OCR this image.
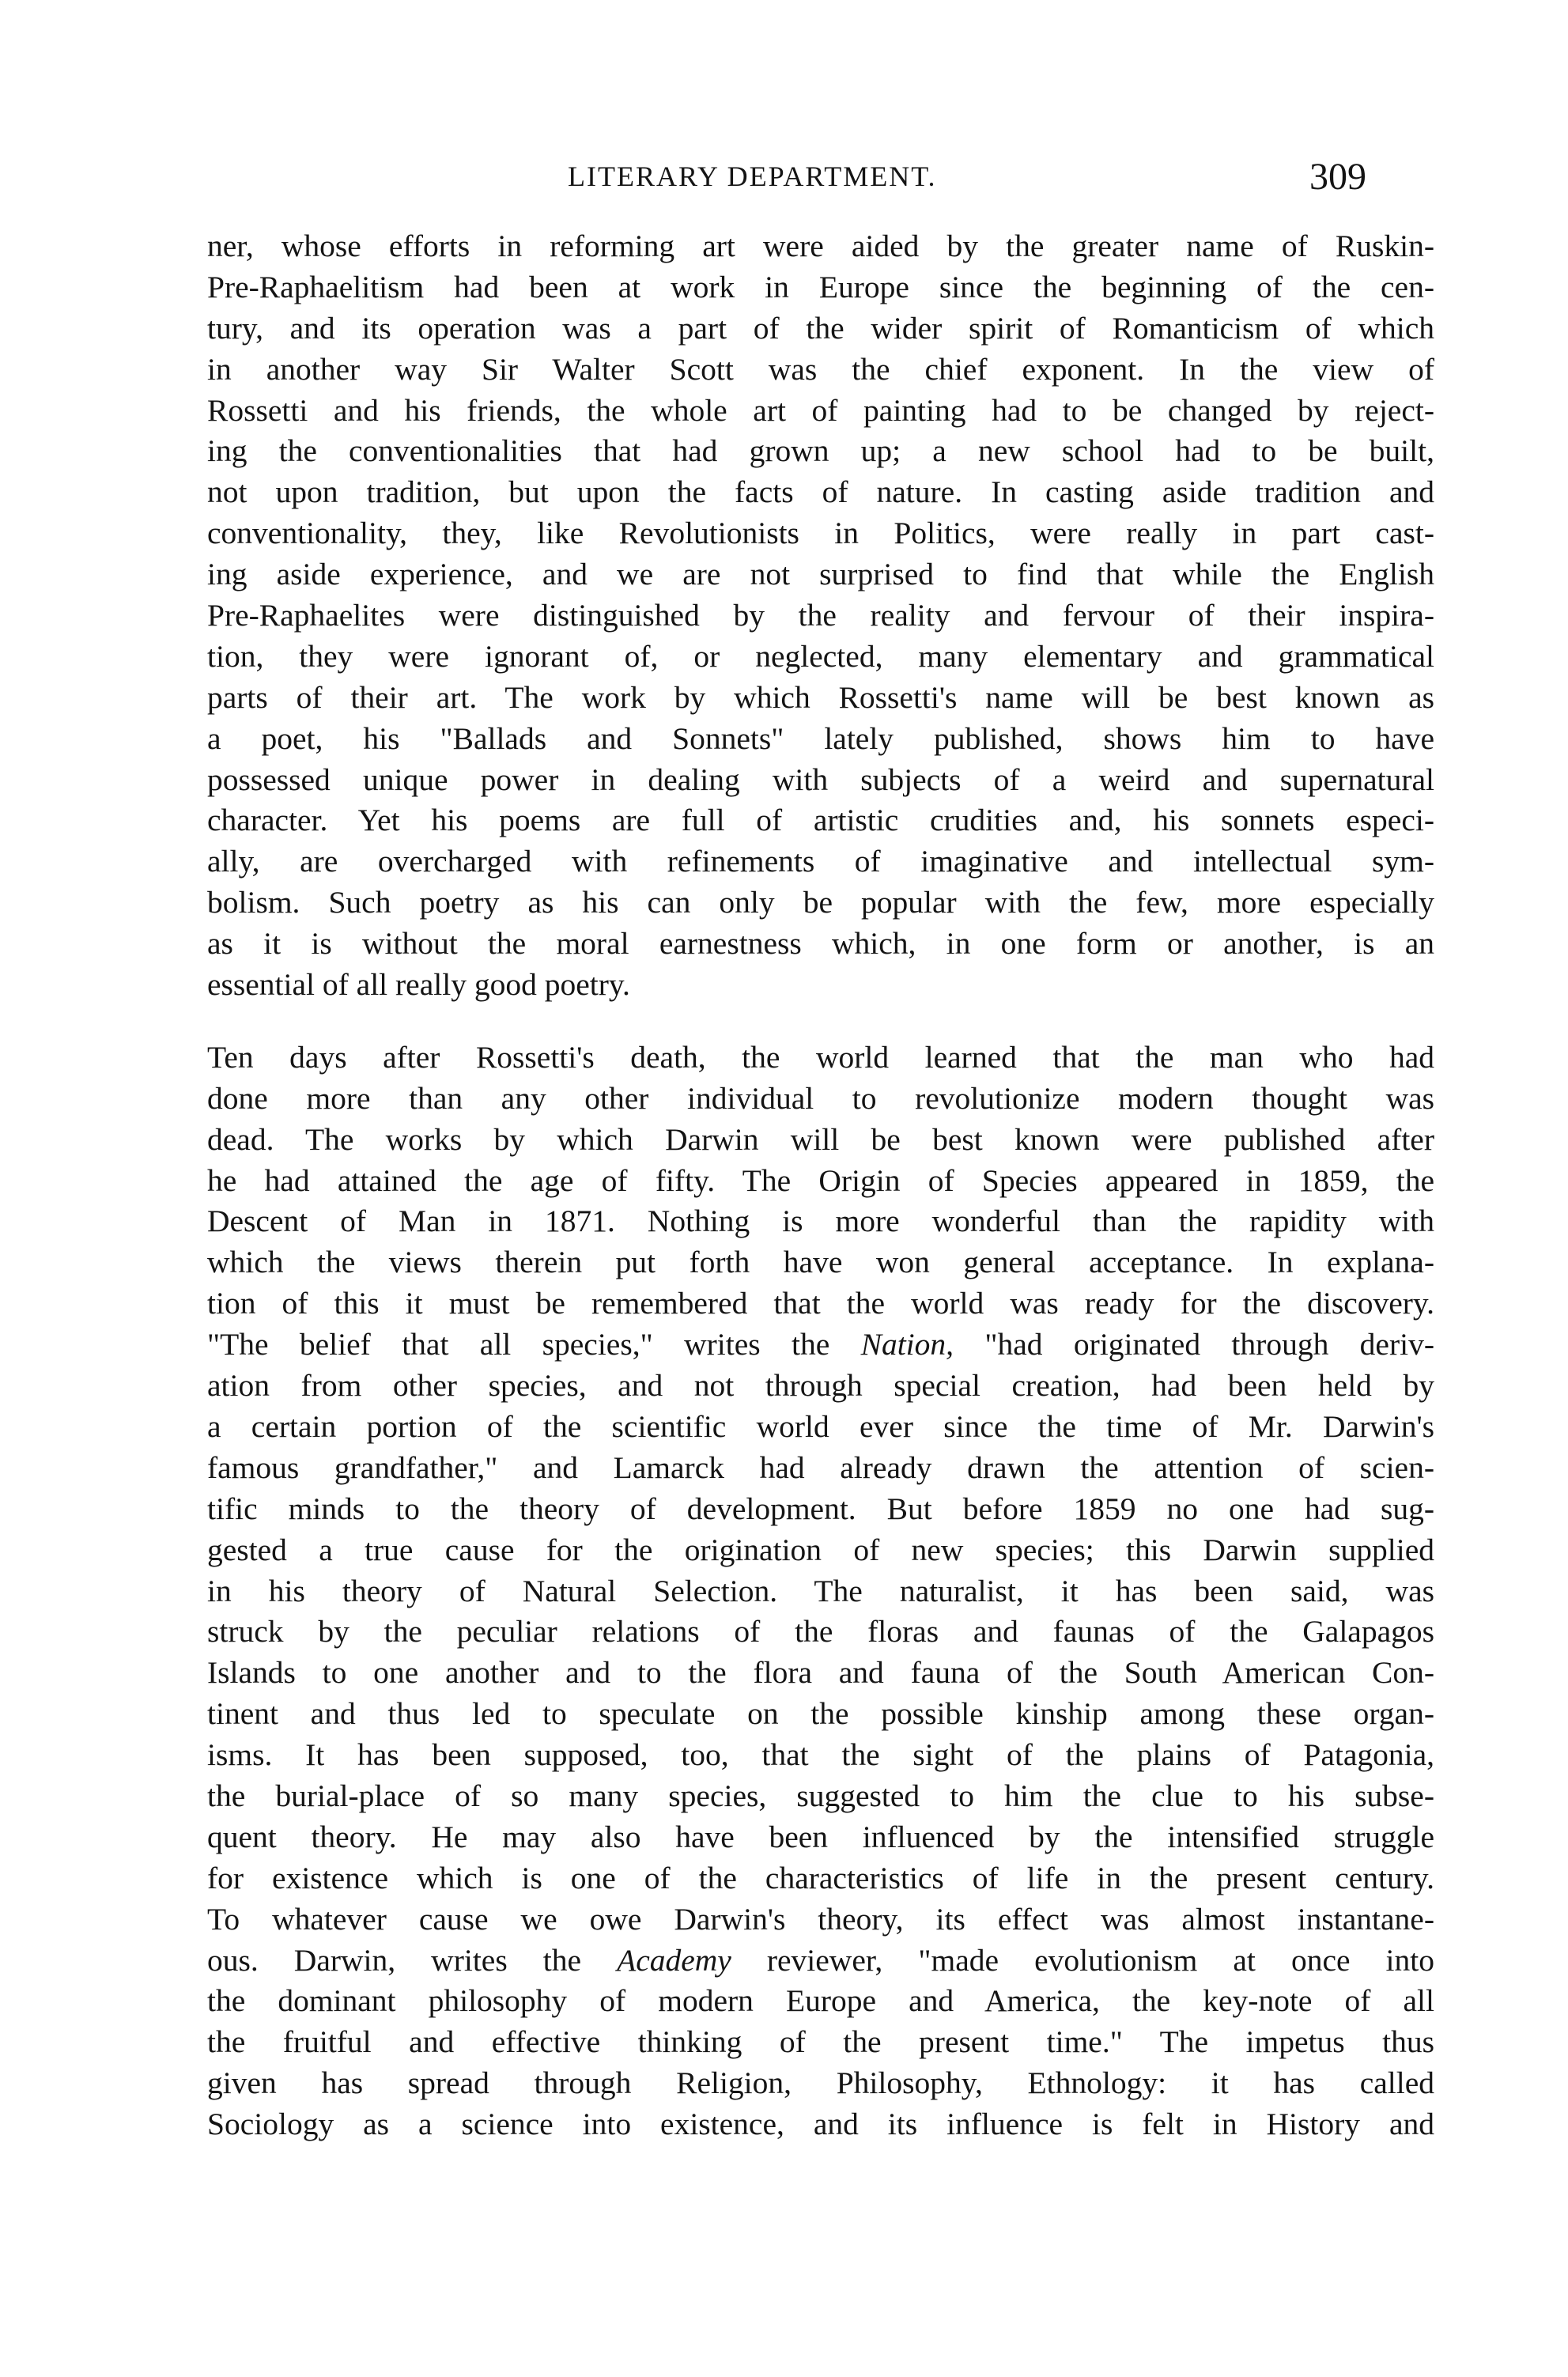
LITERARY DEPARTMENT.	309
ner, whose efforts in reforming art were aided by the greater name of Ruskin-
Pre-Raphaelitism had been at work in Europe since the beginning of the cen-
tury, and its operation was a part of the wider spirit of Romanticism of which
in another way Sir Walter Scott was the chief exponent. In the view of
Rossetti and his friends, the whole art of painting had to be changed by reject-
ing the conventionalities that had grown up; a new school had to be built,
not upon tradition, but upon the facts of nature. In casting aside tradition and
conventionality, they, like Revolutionists in Politics, were really in part cast-
ing aside experience, and we are not surprised to find that while the English
Pre-Raphaelites were distinguished by the reality and fervour of their inspira-
tion, they were ignorant of, or neglected, many elementary and grammatical
parts of their art. The work by which Rossetti's name will be best known as
a poet, his "Ballads and Sonnets" lately published, shows him to have
possessed unique power in dealing with subjects of a weird and supernatural
character. Yet his poems are full of artistic crudities and, his sonnets especi-
ally, are overcharged with refinements of imaginative and intellectual sym-
bolism. Such poetry as his can only be popular with the few, more especially
as it is without the moral earnestness which, in one form or another, is an
essential of all really good poetry.
Ten days after Rossetti's death, the world learned that the man who had
done more than any other individual to revolutionize modern thought was
dead. The works by which Darwin will be best known were published after
he had attained the age of fifty. The Origin of Species appeared in 1859, the
Descent of Man in 1871. Nothing is more wonderful than the rapidity with
which the views therein put forth have won general acceptance. In explana-
tion of this it must be remembered that the world was ready for the discovery.
"The belief that all species," writes the Nation, "had originated through deriv-
ation from other species, and not through special creation, had been held by
a certain portion of the scientific world ever since the time of Mr. Darwin's
famous grandfather," and Lamarck had already drawn the attention of scien-
tific minds to the theory of development. But before 1859 no one had sug-
gested a true cause for the origination of new species; this Darwin supplied
in his theory of Natural Selection. The naturalist, it has been said, was
struck by the peculiar relations of the floras and faunas of the Galapagos
Islands to one another and to the flora and fauna of the South American Con-
tinent and thus led to speculate on the possible kinship among these organ-
isms. It has been supposed, too, that the sight of the plains of Patagonia,
the burial-place of so many species, suggested to him the clue to his subse-
quent theory. He may also have been influenced by the intensified struggle
for existence which is one of the characteristics of life in the present century.
To whatever cause we owe Darwin's theory, its effect was almost instantane-
ous. Darwin, writes the Academy reviewer, "made evolutionism at once into
the dominant philosophy of modern Europe and America, the key-note of all
the fruitful and effective thinking of the present time." The impetus thus
given has spread through Religion, Philosophy, Ethnology: it has called
Sociology as a science into existence, and its influence is felt in History and
